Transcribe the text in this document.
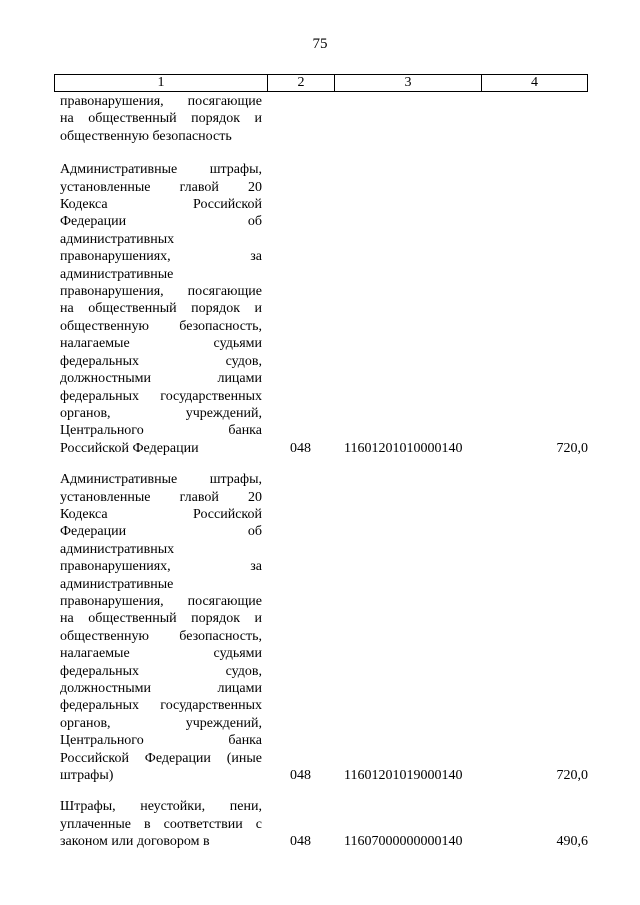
75
1	2	3	4
правонарушения, посягающие
на общественный порядок и
общественную безопасность
Административные штрафы,
установленные главой 20
Кодекса Российской
Федерации об
административных
правонарушениях, за
административные
правонарушения, посягающие
на общественный порядок и
общественную безопасность,
налагаемые судьями
федеральных судов,
должностными лицами
федеральных государственных
органов, учреждений,
Центрального банка
Российской Федерации	048	11601201010000140	720,0
Административные штрафы,
установленные главой 20
Кодекса Российской
Федерации об
административных
правонарушениях, за
административные
правонарушения, посягающие
на общественный порядок и
общественную безопасность,
налагаемые судьями
федеральных судов,
должностными лицами
федеральных государственных
органов, учреждений,
Центрального банка
Российской Федерации (иные
штрафы)	048	11601201019000140	720,0
Штрафы, неустойки, пени,
уплаченные в соответствии с
законом или договором в	048	11607000000000140	490,6
